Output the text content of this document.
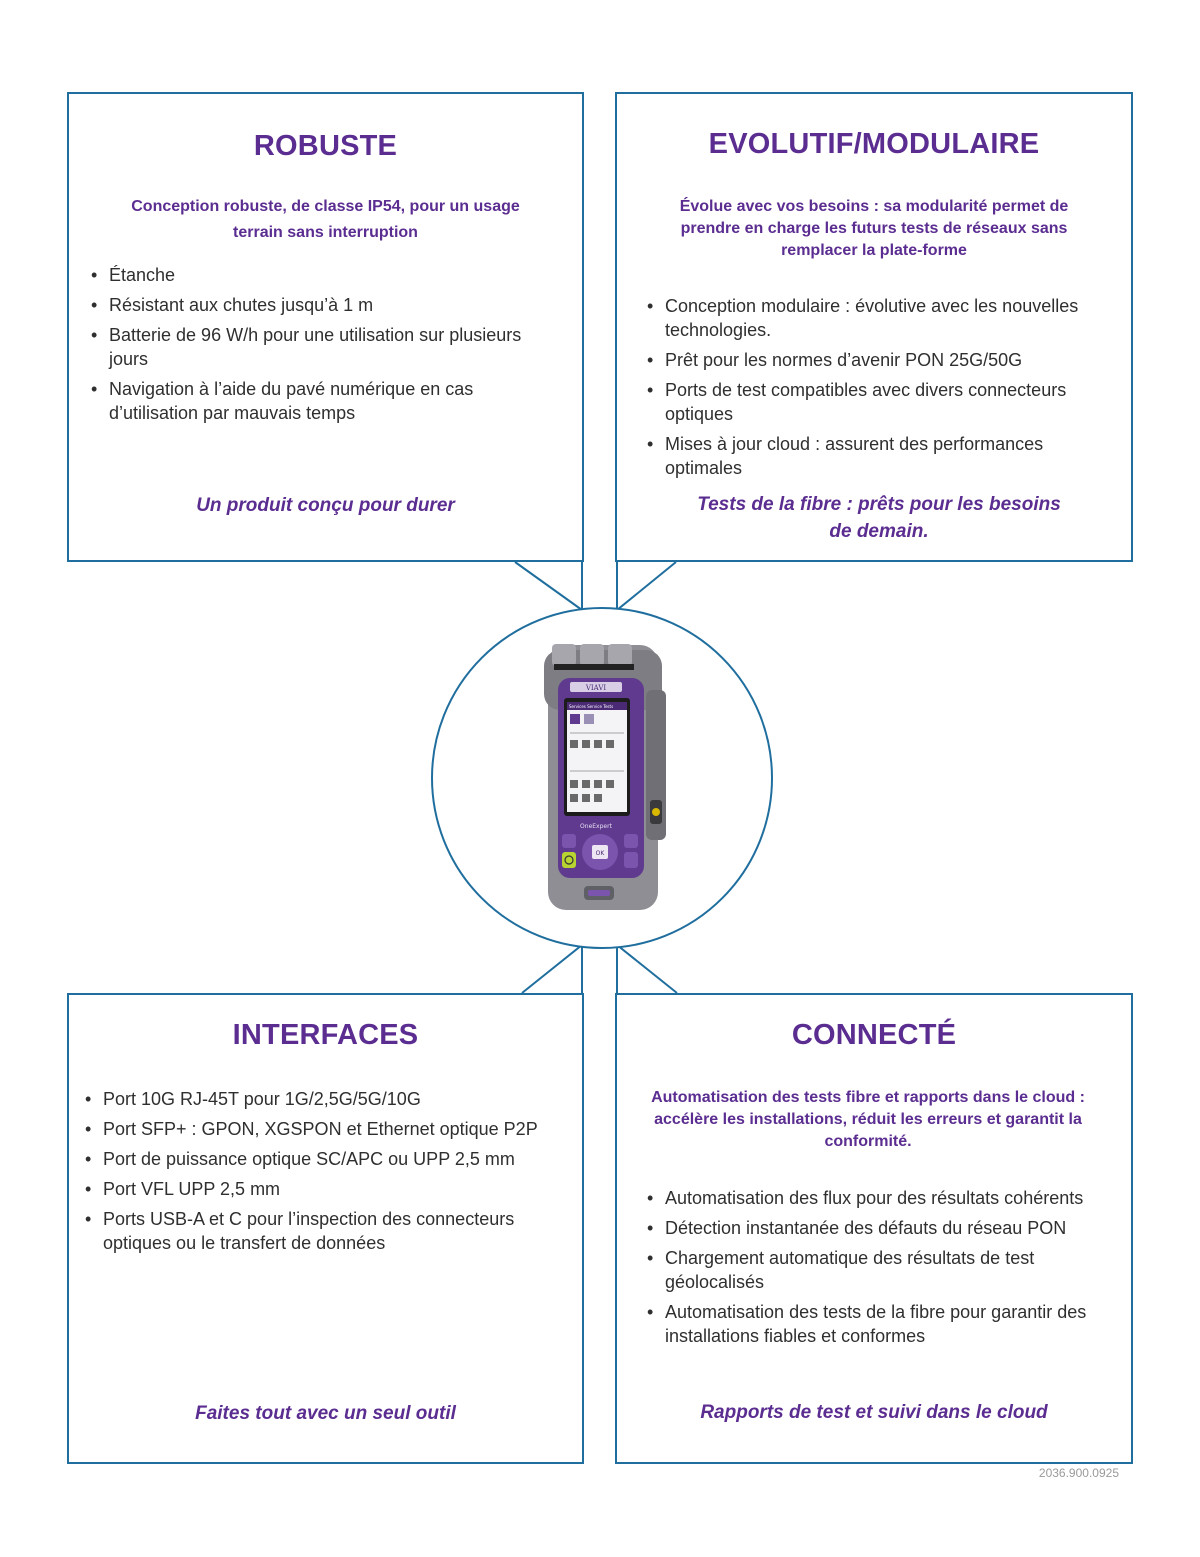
ROBUSTE
Conception robuste, de classe IP54, pour un usage terrain sans interruption
• Étanche
• Résistant aux chutes jusqu’à 1 m
• Batterie de 96 W/h pour une utilisation sur plusieurs jours
• Navigation à l’aide du pavé numérique en cas d’utilisation par mauvais temps
Un produit conçu pour durer
EVOLUTIF/MODULAIRE
Évolue avec vos besoins : sa modularité permet de prendre en charge les futurs tests de réseaux sans remplacer la plate-forme
• Conception modulaire : évolutive avec les nouvelles technologies.
• Prêt pour les normes d’avenir PON 25G/50G
• Ports de test compatibles avec divers connecteurs optiques
• Mises à jour cloud : assurent des performances optimales
Tests de la fibre : prêts pour les besoins de demain.
INTERFACES
• Port 10G RJ-45T pour 1G/2,5G/5G/10G
• Port SFP+ : GPON, XGSPON et Ethernet optique P2P
• Port de puissance optique SC/APC ou UPP 2,5 mm
• Port VFL UPP 2,5 mm
• Ports USB-A et C pour l’inspection des connecteurs optiques ou le transfert de données
Faites tout avec un seul outil
CONNECTÉ
Automatisation des tests fibre et rapports dans le cloud : accélère les installations, réduit les erreurs et garantit la conformité.
• Automatisation des flux pour des résultats cohérents
• Détection instantanée des défauts du réseau PON
• Chargement automatique des résultats de test géolocalisés
• Automatisation des tests de la fibre pour garantir des installations fiables et conformes
Rapports de test et suivi dans le cloud
VIAVI
Services Service Tests
OneExpert
OK
2036.900.0925
